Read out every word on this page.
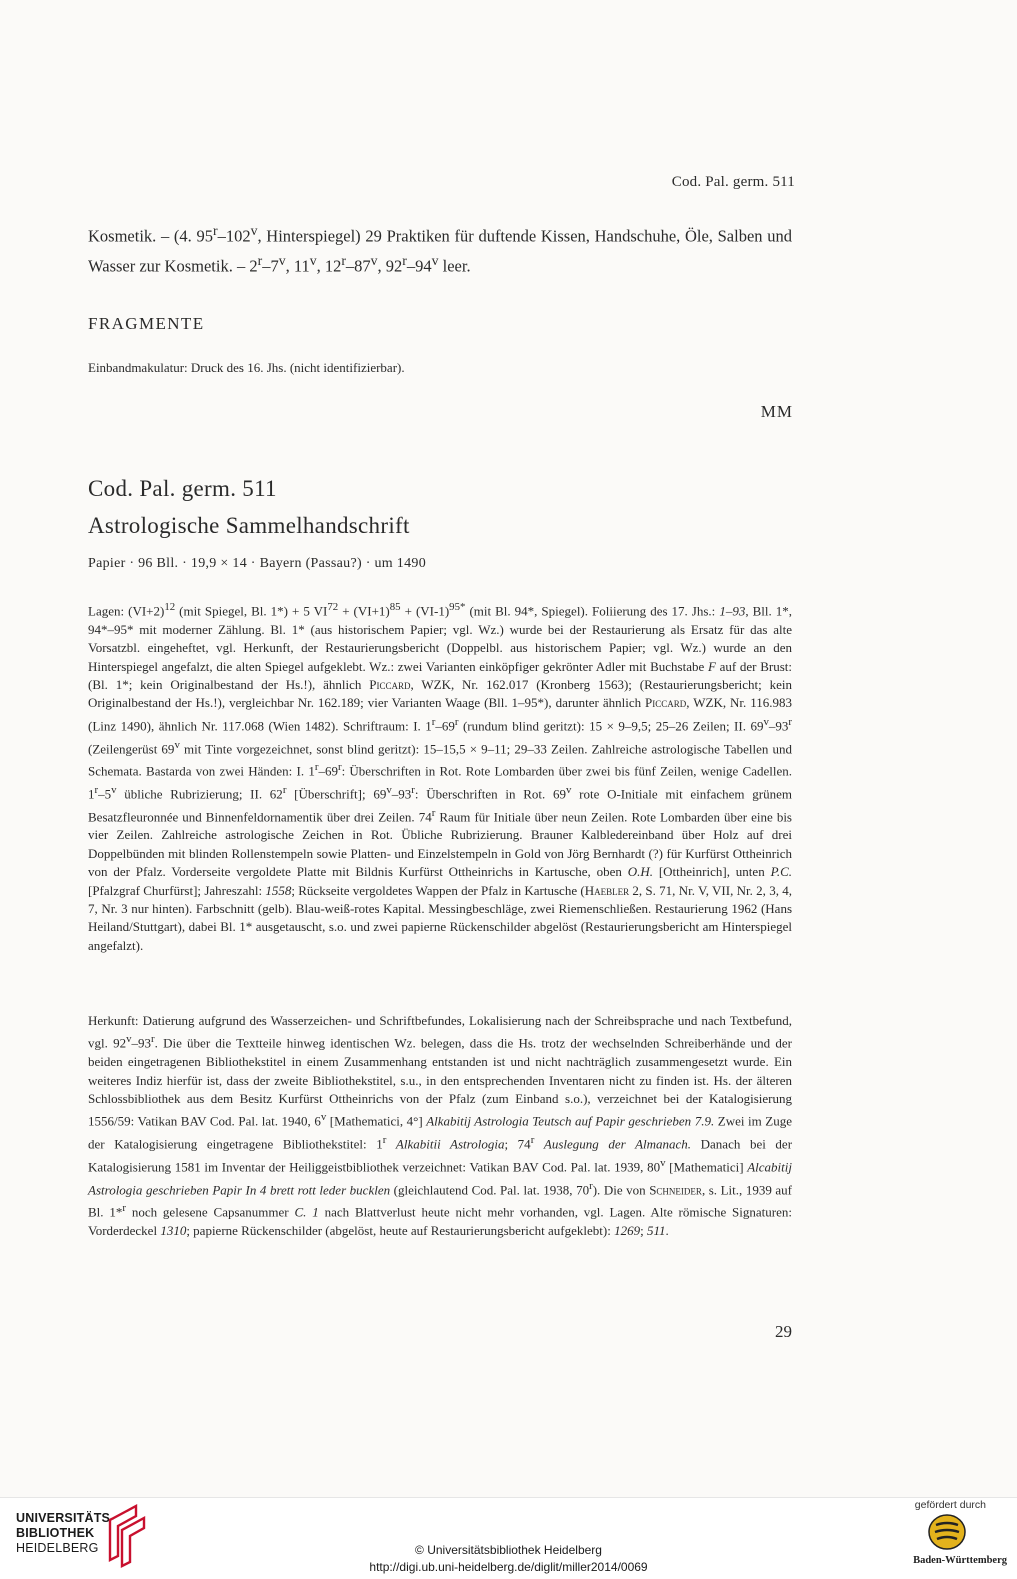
Cod. Pal. germ. 511
Kosmetik. – (4. 95$^r$–102$^v$, Hinterspiegel) 29 Praktiken für duftende Kissen, Handschuhe, Öle, Salben und Wasser zur Kosmetik. – 2$^r$–7$^v$, 11$^v$, 12$^r$–87$^v$, 92$^r$–94$^v$ leer.
FRAGMENTE
Einbandmakulatur: Druck des 16. Jhs. (nicht identifizierbar).
MM
Cod. Pal. germ. 511
Astrologische Sammelhandschrift
Papier · 96 Bll. · 19,9 × 14 · Bayern (Passau?) · um 1490
Lagen: $(VI+2)^{12}$ (mit Spiegel, Bl. 1*) + 5 $VI^{72} + (VI+1)^{85} + (VI-1)^{95*}$ (mit Bl. 94*, Spiegel). Foliierung des 17. Jhs.: 1–93, Bll. 1*, 94*–95* mit moderner Zählung. Bl. 1* (aus historischem Papier; vgl. Wz.) wurde bei der Restaurierung als Ersatz für das alte Vorsatzbl. eingeheftet, vgl. Herkunft, der Restaurierungsbericht (Doppelbl. aus historischem Papier; vgl. Wz.) wurde an den Hinterspiegel angefalzt, die alten Spiegel aufgeklebt. Wz.: zwei Varianten einköpfiger gekrönter Adler mit Buchstabe F auf der Brust: (Bl. 1*; kein Originalbestand der Hs.!), ähnlich Piccard, WZK, Nr. 162.017 (Kronberg 1563); (Restaurierungsbericht; kein Originalbestand der Hs.!), vergleichbar Nr. 162.189; vier Varianten Waage (Bll. 1–95*), darunter ähnlich Piccard, WZK, Nr. 116.983 (Linz 1490), ähnlich Nr. 117.068 (Wien 1482). Schriftraum: I. 1$^r$–69$^r$ (rundum blind geritzt): 15 × 9–9,5; 25–26 Zeilen; II. 69$^v$–93$^r$ (Zeilengerüst 69$^v$ mit Tinte vorgezeichnet, sonst blind geritzt): 15–15,5 × 9–11; 29–33 Zeilen. Zahlreiche astrologische Tabellen und Schemata. Bastarda von zwei Händen: I. 1$^r$–69$^r$: Überschriften in Rot. Rote Lombarden über zwei bis fünf Zeilen, wenige Cadellen. 1$^r$–5$^v$ übliche Rubrizierung; II. 62$^r$ [Überschrift]; 69$^v$–93$^r$: Überschriften in Rot. 69$^v$ rote O-Initiale mit einfachem grünem Besatzfleuronnée und Binnenfeldornamentik über drei Zeilen. 74$^r$ Raum für Initiale über neun Zeilen. Rote Lombarden über eine bis vier Zeilen. Zahlreiche astrologische Zeichen in Rot. Übliche Rubrizierung. Brauner Kalbledereinband über Holz auf drei Doppelbünden mit blinden Rollenstempeln sowie Platten- und Einzelstempeln in Gold von Jörg Bernhardt (?) für Kurfürst Ottheinrich von der Pfalz. Vorderseite vergoldete Platte mit Bildnis Kurfürst Ottheinrichs in Kartusche, oben O.H. [Ottheinrich], unten P.C. [Pfalzgraf Churfürst]; Jahreszahl: 1558; Rückseite vergoldetes Wappen der Pfalz in Kartusche (Haebler 2, S. 71, Nr. V, VII, Nr. 2, 3, 4, 7, Nr. 3 nur hinten). Farbschnitt (gelb). Blau-weiß-rotes Kapital. Messingbeschläge, zwei Riemenschließen. Restaurierung 1962 (Hans Heiland/Stuttgart), dabei Bl. 1* ausgetauscht, s.o. und zwei papierne Rückenschilder abgelöst (Restaurierungsbericht am Hinterspiegel angefalzt).
Herkunft: Datierung aufgrund des Wasserzeichen- und Schriftbefundes, Lokalisierung nach der Schreibsprache und nach Textbefund, vgl. 92$^v$–93$^r$. Die über die Textteile hinweg identischen Wz. belegen, dass die Hs. trotz der wechselnden Schreiberhände und der beiden eingetragenen Bibliothekstitel in einem Zusammenhang entstanden ist und nicht nachträglich zusammengesetzt wurde. Ein weiteres Indiz hierfür ist, dass der zweite Bibliothekstitel, s.u., in den entsprechenden Inventaren nicht zu finden ist. Hs. der älteren Schlossbibliothek aus dem Besitz Kurfürst Ottheinrichs von der Pfalz (zum Einband s.o.), verzeichnet bei der Katalogisierung 1556/59: Vatikan BAV Cod. Pal. lat. 1940, 6$^v$ [Mathematici, 4°] Alkabitij Astrologia Teutsch auf Papir geschrieben 7.9. Zwei im Zuge der Katalogisierung eingetragene Bibliothekstitel: 1$^r$ Alkabitii Astrologia; 74$^r$ Auslegung der Almanach. Danach bei der Katalogisierung 1581 im Inventar der Heiliggeistbibliothek verzeichnet: Vatikan BAV Cod. Pal. lat. 1939, 80$^v$ [Mathematici] Alcabitij Astrologia geschrieben Papir In 4 brett rott leder bucklen (gleichlautend Cod. Pal. lat. 1938, 70$^r$). Die von Schneider, s. Lit., 1939 auf Bl. 1*$^r$ noch gelesene Capsanummer C. 1 nach Blattverlust heute nicht mehr vorhanden, vgl. Lagen. Alte römische Signaturen: Vorderdeckel 1310; papierne Rückenschilder (abgelöst, heute auf Restaurierungsbericht aufgeklebt): 1269; 511.
29
UNIVERSITÄTS-
BIBLIOTHEK
HEIDELBERG	© Universitätsbibliothek Heidelberg
http://digi.ub.uni-heidelberg.de/diglit/miller2014/0069
gefördert durch
Baden-Württemberg
